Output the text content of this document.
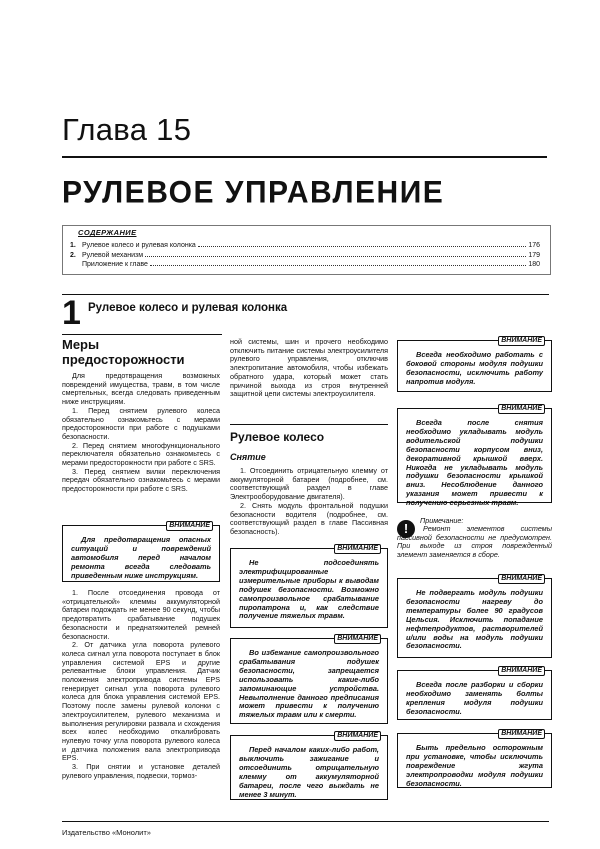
Глава 15
РУЛЕВОЕ УПРАВЛЕНИЕ
СОДЕРЖАНИЕ
1. Рулевое колесо и рулевая колонка	176
2. Рулевой механизм	179
Приложение к главе	180
1 Рулевое колесо и рулевая колонка
Меры
предосторожности

Для предотвращения возможных повреждений имущества, травм, в том числе смертельных, всегда следовать приведенным ниже инструкциям.

1. Перед снятием рулевого колеса обязательно ознакомьтесь с мерами предосторожности при работе с подушками безопасности.

2. Перед снятием многофункционального переключателя обязательно ознакомьтесь с мерами предосторожности при работе с SRS.

3. Перед снятием вилки переключения передач обязательно ознакомьтесь с мерами предосторожности при работе с SRS.

ВНИМАНИЕ
Для предотвращения опасных ситуаций и повреждений автомобиля перед началом ремонта всегда следовать приведенным ниже инструкциям.

1. После отсоединения провода от «отрицательной» клеммы аккумуляторной батареи подождать не менее 90 секунд, чтобы предотвратить срабатывание подушек безопасности и преднатяжителей ремней безопасности.

2. От датчика угла поворота рулевого колеса сигнал угла поворота поступает в блок управления системой EPS и другие релевантные блоки управления. Датчик положения электропривода системы EPS генерирует сигнал угла поворота рулевого колеса для блока управления системой EPS. Поэтому после замены рулевой колонки с электроусилителем, рулевого механизма и выполнения регулировки развала и схождения всех колес необходимо откалибровать нулевую точку угла поворота рулевого колеса и датчика положения вала электропривода EPS.

3. При снятии и установке деталей рулевого управления, подвески, тормоз-

ной системы, шин и прочего необходимо отключить питание системы электроусилителя рулевого управления, отключив электропитание автомобиля, чтобы избежать обратного удара, который может стать причиной выхода из строя внутренней защитной цепи системы электроусилителя.

Рулевое колесо
Снятие

1. Отсоединить отрицательную клемму от аккумуляторной батареи (подробнее, см. соответствующий раздел в главе Электрооборудование двигателя).

2. Снять модуль фронтальной подушки безопасности водителя (подробнее, см. соответствующий раздел в главе Пассивная безопасность).

ВНИМАНИЕ
Не подсоединять электрифицированные измерительные приборы к выводам подушек безопасности. Возможно самопроизвольное срабатывание пиропатрона и, как следствие получение тяжелых травм.
ВНИМАНИЕ
Во избежание самопроизвольного срабатывания подушек безопасности, запрещается использовать какие-либо запоминающие устройства. Невыполнение данного предписания может привести к получению тяжелых травм или к смерти.
ВНИМАНИЕ
Перед началом каких-либо работ, выключить зажигание и отсоединить отрицательную клемму от аккумуляторной батареи, после чего выждать не менее 3 минут.
ВНИМАНИЕ
Всегда необходимо работать с боковой стороны модуля подушки безопасности, исключить работу напротив модуля.
ВНИМАНИЕ
Всегда после снятия необходимо укладывать модуль водительской подушки безопасности корпусом вниз, декоративной крышкой вверх. Никогда не укладывать модуль подушки безопасности крышкой вниз. Несоблюдение данного указания может привести к получению серьезных травм.
!
Примечание:

Ремонт элементов системы пассивной безопасности не предусмотрен. При выходе из строя поврежденный элемент заменяется в сборе.

ВНИМАНИЕ
Не подвергать модуль подушки безопасности нагреву до температуры более 90 градусов Цельсия. Исключить попадание нефтепродуктов, растворителей и/или воды на модуль подушки безопасности.
ВНИМАНИЕ
Всегда после разборки и сборки необходимо заменять болты крепления модуля подушки безопасности.
ВНИМАНИЕ
Быть предельно осторожным при установке, чтобы исключить повреждение жгута электропроводки модуля подушки безопасности.
Издательство «Монолит»
